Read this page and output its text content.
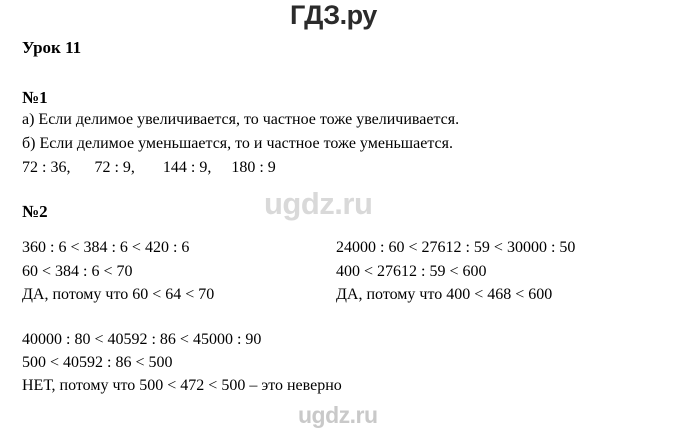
ГДЗ.ру
Урок 11
№1
а) Если делимое увеличивается, то частное тоже увеличивается.
б) Если делимое уменьшается, то и частное тоже уменьшается.
72 : 36,      72 : 9,       144 : 9,     180 : 9
ugdz.ru
№2
360 : 6 < 384 : 6 < 420 : 6
60 < 384 : 6 < 70
ДА, потому что 60 < 64 < 70
24000 : 60 < 27612 : 59 < 30000 : 50
400 < 27612 : 59 < 600
ДА, потому что 400 < 468 < 600
40000 : 80 < 40592 : 86 < 45000 : 90
500 < 40592 : 86 < 500
НЕТ, потому что 500 < 472 < 500 – это неверно
ugdz.ru
